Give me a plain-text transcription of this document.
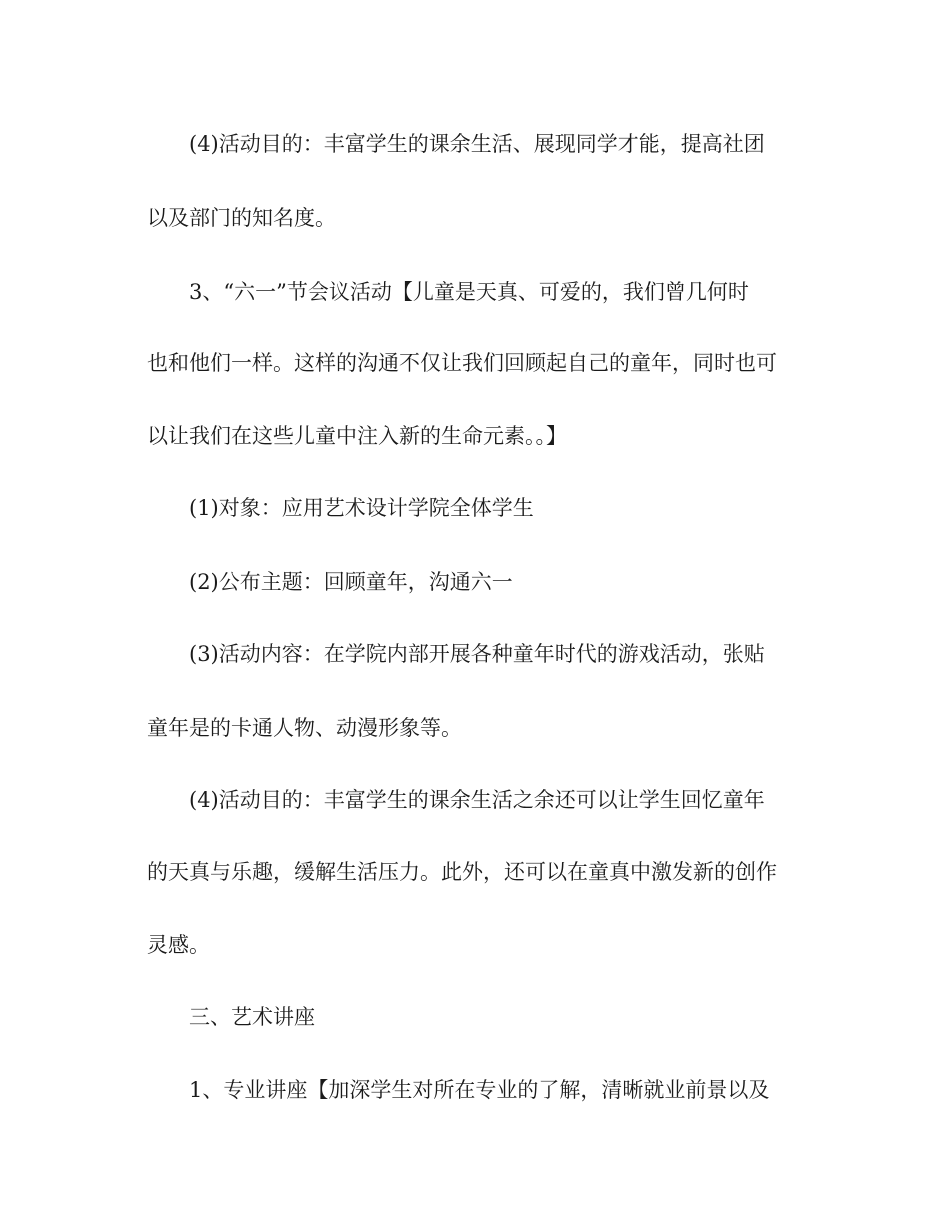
(4)活动目的：丰富学生的课余生活、展现同学才能，提高社团
以及部门的知名度。
3、“六一”节会议活动【儿童是天真、可爱的，我们曾几何时
也和他们一样。这样的沟通不仅让我们回顾起自己的童年，同时也可
以让我们在这些儿童中注入新的生命元素。。】
(1)对象：应用艺术设计学院全体学生
(2)公布主题：回顾童年，沟通六一
(3)活动内容：在学院内部开展各种童年时代的游戏活动，张贴
童年是的卡通人物、动漫形象等。
(4)活动目的：丰富学生的课余生活之余还可以让学生回忆童年
的天真与乐趣，缓解生活压力。此外，还可以在童真中激发新的创作
灵感。
三、艺术讲座
1、专业讲座【加深学生对所在专业的了解，清晰就业前景以及
